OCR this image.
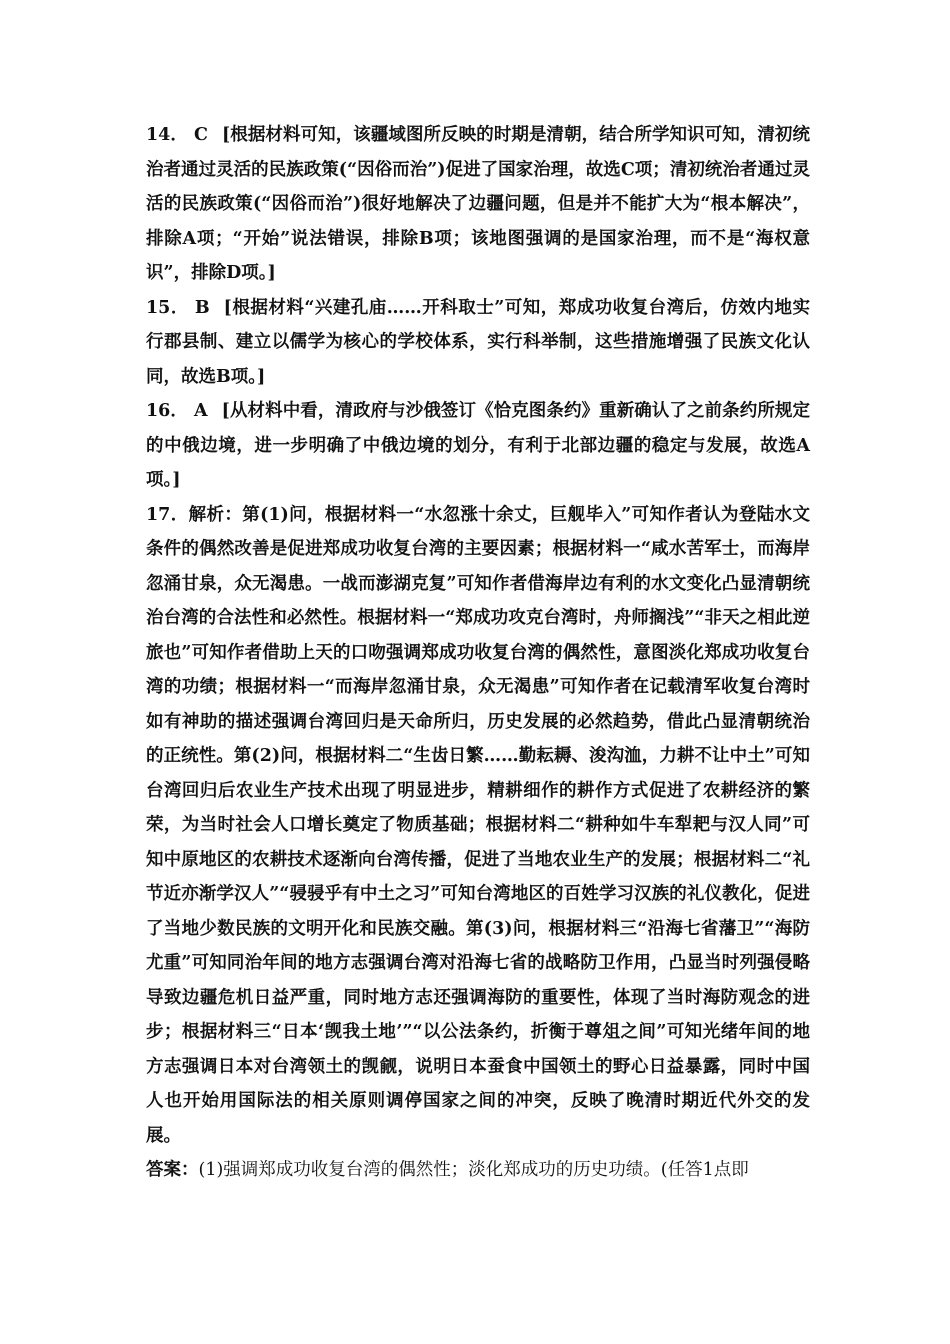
14． C [根据材料可知，该疆域图所反映的时期是清朝，结合所学知识可知，清初统治者通过灵活的民族政策(“因俗而治”)促进了国家治理，故选C项；清初统治者通过灵活的民族政策(“因俗而治”)很好地解决了边疆问题，但是并不能扩大为“根本解决”，排除A项；“开始”说法错误，排除B项；该地图强调的是国家治理，而不是“海权意识”，排除D项。]

15． B [根据材料“兴建孔庙……开科取士”可知，郑成功收复台湾后，仿效内地实行郡县制、建立以儒学为核心的学校体系，实行科举制，这些措施增强了民族文化认同，故选B项。]

16． A [从材料中看，清政府与沙俄签订《恰克图条约》重新确认了之前条约所规定的中俄边境，进一步明确了中俄边境的划分，有利于北部边疆的稳定与发展，故选A项。]

17．解析：第(1)问，根据材料一“水忽涨十余丈，巨舰毕入”可知作者认为登陆水文条件的偶然改善是促进郑成功收复台湾的主要因素；根据材料一“咸水苦军士，而海岸忽涌甘泉，众无渴患。一战而澎湖克复”可知作者借海岸边有利的水文变化凸显清朝统治台湾的合法性和必然性。根据材料一“郑成功攻克台湾时，舟师搁浅”“非天之相此逆旅也”可知作者借助上天的口吻强调郑成功收复台湾的偶然性，意图淡化郑成功收复台湾的功绩；根据材料一“而海岸忽涌甘泉，众无渴患”可知作者在记载清军收复台湾时如有神助的描述强调台湾回归是天命所归，历史发展的必然趋势，借此凸显清朝统治的正统性。第(2)问，根据材料二“生齿日繁……勤耘耨、浚沟洫，力耕不让中土”可知台湾回归后农业生产技术出现了明显进步，精耕细作的耕作方式促进了农耕经济的繁荣，为当时社会人口增长奠定了物质基础；根据材料二“耕种如牛车犁耙与汉人同”可知中原地区的农耕技术逐渐向台湾传播，促进了当地农业生产的发展；根据材料二“礼节近亦渐学汉人”“骎骎乎有中土之习”可知台湾地区的百姓学习汉族的礼仪教化，促进了当地少数民族的文明开化和民族交融。第(3)问，根据材料三“沿海七省藩卫”“海防尤重”可知同治年间的地方志强调台湾对沿海七省的战略防卫作用，凸显当时列强侵略导致边疆危机日益严重，同时地方志还强调海防的重要性，体现了当时海防观念的进步；根据材料三“日本‘觊我土地’”“以公法条约，折衡于尊俎之间”可知光绪年间的地方志强调日本对台湾领土的觊觎，说明日本蚕食中国领土的野心日益暴露，同时中国人也开始用国际法的相关原则调停国家之间的冲突，反映了晚清时期近代外交的发展。

答案：(1)强调郑成功收复台湾的偶然性；淡化郑成功的历史功绩。(任答1点即
